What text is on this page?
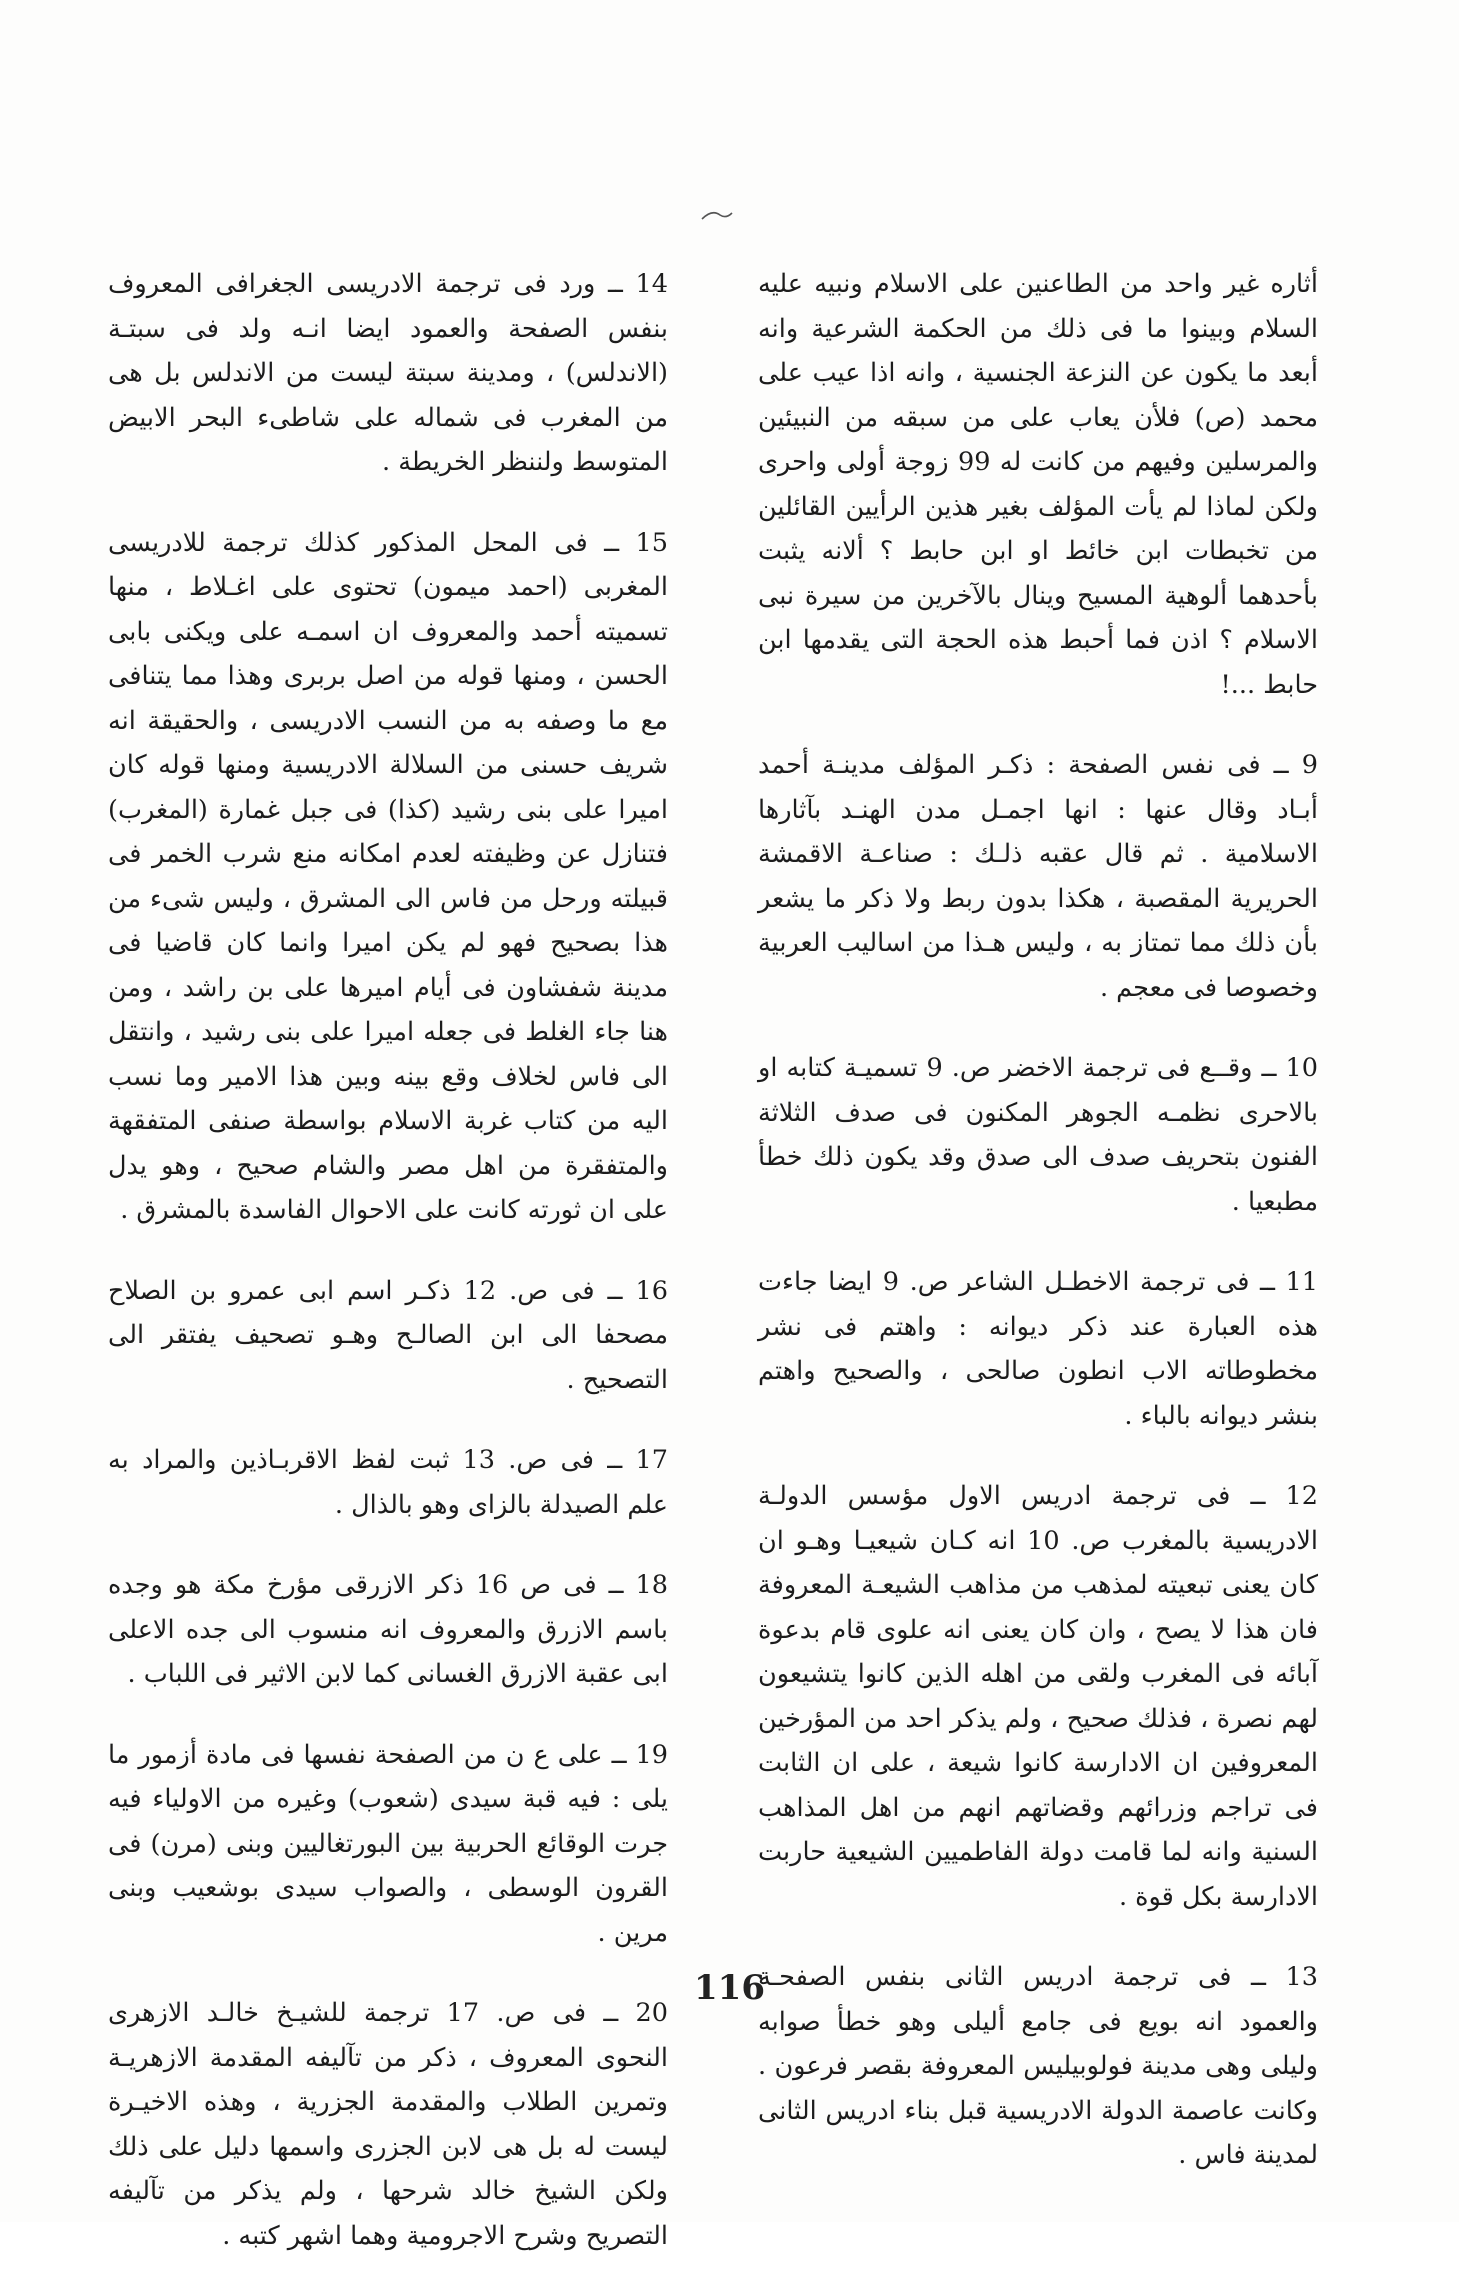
أثاره غير واحد من الطاعنين على الاسلام ونبيه عليه السلام وبينوا ما فى ذلك من الحكمة الشرعية وانه أبعد ما يكون عن النزعة الجنسية ، وانه اذا عيب على محمد (ص) فلأن يعاب على من سبقه من النبيئين والمرسلين وفيهم من كانت له 99 زوجة أولى واحرى ولكن لماذا لم يأت المؤلف بغير هذين الرأيين القائلين من تخبطات ابن خائط او ابن حابط ؟ ألانه يثبت بأحدهما ألوهية المسيح وينال بالآخرين من سيرة نبى الاسلام ؟ اذن فما أحبط هذه الحجة التى يقدمها ابن حابط ...!

9 ــ فى نفس الصفحة : ذكـر المؤلف مدينـة أحمد أبـاد وقال عنها : انها اجمـل مدن الهنـد بآثارها الاسلامية . ثم قال عقبه ذلـك : صناعـة الاقمشة الحريرية المقصبة ، هكذا بدون ربط ولا ذكر ما يشعر بأن ذلك مما تمتاز به ، وليس هـذا من اساليب العربية وخصوصا فى معجم .

10 ــ وقــع فى ترجمة الاخضر ص. 9 تسميـة كتابه او بالاحرى نظمـه الجوهر المكنون فى صدف الثلاثة الفنون بتحريف صدف الى صدق وقد يكون ذلك خطأ مطبعيا .

11 ــ فى ترجمة الاخطـل الشاعر ص. 9 ايضا جاءت هذه العبارة عند ذكر ديوانه : واهتم فى نشر مخطوطاته الاب انطون صالحى ، والصحيح واهتم بنشر ديوانه بالباء .

12 ــ فى ترجمة ادريس الاول مؤسس الدولـة الادريسية بالمغرب ص. 10 انه كـان شيعيـا وهـو ان كان يعنى تبعيته لمذهب من مذاهب الشيعـة المعروفة فان هذا لا يصح ، وان كان يعنى انه علوى قام بدعوة آبائه فى المغرب ولقى من اهله الذين كانوا يتشيعون لهم نصرة ، فذلك صحيح ، ولم يذكر احد من المؤرخين المعروفين ان الادارسة كانوا شيعة ، على ان الثابت فى تراجم وزرائهم وقضاتهم انهم من اهل المذاهب السنية وانه لما قامت دولة الفاطميين الشيعية حاربت الادارسة بكل قوة .

13 ــ فى ترجمة ادريس الثانى بنفس الصفحـة والعمود انه بويع فى جامع أليلى وهو خطأ صوابه وليلى وهى مدينة فولوبيليس المعروفة بقصر فرعون . وكانت عاصمة الدولة الادريسية قبل بناء ادريس الثانى لمدينة فاس .

14 ــ ورد فى ترجمة الادريسى الجغرافى المعروف بنفس الصفحة والعمود ايضا انـه ولد فى سبتـة (الاندلس) ، ومدينة سبتة ليست من الاندلس بل هى من المغرب فى شماله على شاطىء البحر الابيض المتوسط ولننظر الخريطة .

15 ــ فى المحل المذكور كذلك ترجمة للادريسى المغربى (احمد ميمون) تحتوى على اغـلاط ، منها تسميته أحمد والمعروف ان اسمـه على ويكنى بابى الحسن ، ومنها قوله من اصل بربرى وهذا مما يتنافى مع ما وصفه به من النسب الادريسى ، والحقيقة انه شريف حسنى من السلالة الادريسية ومنها قوله كان اميرا على بنى رشيد (كذا) فى جبل غمارة (المغرب) فتنازل عن وظيفته لعدم امكانه منع شرب الخمر فى قبيلته ورحل من فاس الى المشرق ، وليس شىء من هذا بصحيح فهو لم يكن اميرا وانما كان قاضيا فى مدينة شفشاون فى أيام اميرها على بن راشد ، ومن هنا جاء الغلط فى جعله اميرا على بنى رشيد ، وانتقل الى فاس لخلاف وقع بينه وبين هذا الامير وما نسب اليه من كتاب غربة الاسلام بواسطة صنفى المتفقهة والمتفقرة من اهل مصر والشام صحيح ، وهو يدل على ان ثورته كانت على الاحوال الفاسدة بالمشرق .

16 ــ فى ص. 12 ذكـر اسم ابى عمرو بن الصلاح مصحفا الى ابن الصالـح وهـو تصحيف يفتقر الى التصحيح .

17 ــ فى ص. 13 ثبت لفظ الاقربـاذين والمراد به علم الصيدلة بالزاى وهو بالذال .

18 ــ فى ص 16 ذكر الازرقى مؤرخ مكة هو وجده باسم الازرق والمعروف انه منسوب الى جده الاعلى ابى عقبة الازرق الغسانى كما لابن الاثير فى اللباب .

19 ــ على ع ن من الصفحة نفسها فى مادة أزمور ما يلى : فيه قبة سيدى (شعوب) وغيره من الاولياء فيه جرت الوقائع الحربية بين البورتغاليين وبنى (مرن) فى القرون الوسطى ، والصواب سيدى بوشعيب وبنى مرين .

20 ــ فى ص. 17 ترجمة للشيـخ خالـد الازهرى النحوى المعروف ، ذكر من تآليفه المقدمة الازهريـة وتمرين الطلاب والمقدمة الجزرية ، وهذه الاخيـرة ليست له بل هى لابن الجزرى واسمها دليل على ذلك ولكن الشيخ خالد شرحها ، ولم يذكر من تآليفه التصريح وشرح الاجرومية وهما اشهر كتبه .

116
